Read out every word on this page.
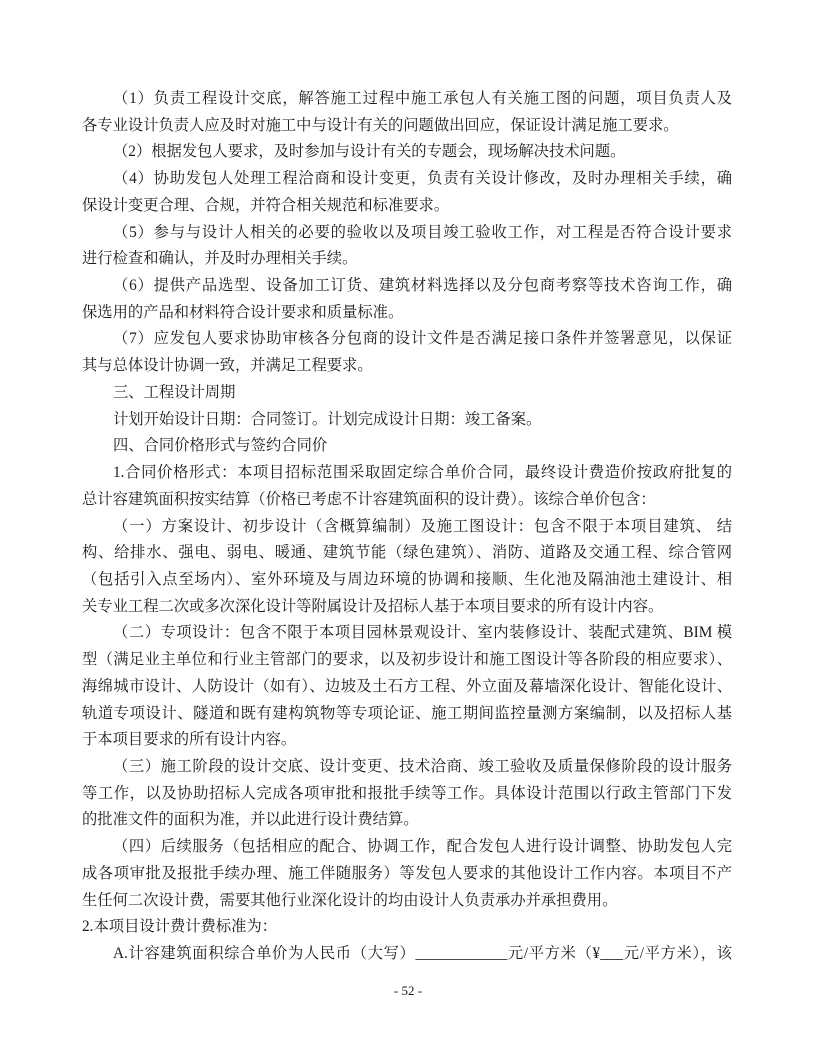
（1）负责工程设计交底，解答施工过程中施工承包人有关施工图的问题，项目负责人及
各专业设计负责人应及时对施工中与设计有关的问题做出回应，保证设计满足施工要求。
（2）根据发包人要求，及时参加与设计有关的专题会，现场解决技术问题。
（4）协助发包人处理工程洽商和设计变更，负责有关设计修改，及时办理相关手续，确
保设计变更合理、合规，并符合相关规范和标准要求。
（5）参与与设计人相关的必要的验收以及项目竣工验收工作，对工程是否符合设计要求
进行检查和确认，并及时办理相关手续。
（6）提供产品选型、设备加工订货、建筑材料选择以及分包商考察等技术咨询工作，确
保选用的产品和材料符合设计要求和质量标准。
（7）应发包人要求协助审核各分包商的设计文件是否满足接口条件并签署意见，以保证
其与总体设计协调一致，并满足工程要求。
三、工程设计周期
计划开始设计日期：合同签订。计划完成设计日期：竣工备案。
四、合同价格形式与签约合同价
1.合同价格形式：本项目招标范围采取固定综合单价合同，最终设计费造价按政府批复的
总计容建筑面积按实结算（价格已考虑不计容建筑面积的设计费）。该综合单价包含：
（一）方案设计、初步设计（含概算编制）及施工图设计：包含不限于本项目建筑、 结
构、给排水、强电、弱电、暖通、建筑节能（绿色建筑）、消防、道路及交通工程、综合管网
（包括引入点至场内）、室外环境及与周边环境的协调和接顺、生化池及隔油池土建设计、相
关专业工程二次或多次深化设计等附属设计及招标人基于本项目要求的所有设计内容。
（二）专项设计：包含不限于本项目园林景观设计、室内装修设计、装配式建筑、BIM 模
型（满足业主单位和行业主管部门的要求，以及初步设计和施工图设计等各阶段的相应要求）、
海绵城市设计、人防设计（如有）、边坡及土石方工程、外立面及幕墙深化设计、智能化设计、
轨道专项设计、隧道和既有建构筑物等专项论证、施工期间监控量测方案编制，以及招标人基
于本项目要求的所有设计内容。
（三）施工阶段的设计交底、设计变更、技术洽商、竣工验收及质量保修阶段的设计服务
等工作，以及协助招标人完成各项审批和报批手续等工作。具体设计范围以行政主管部门下发
的批准文件的面积为准，并以此进行设计费结算。
（四）后续服务（包括相应的配合、协调工作，配合发包人进行设计调整、协助发包人完
成各项审批及报批手续办理、施工伴随服务）等发包人要求的其他设计工作内容。本项目不产
生任何二次设计费，需要其他行业深化设计的均由设计人负责承办并承担费用。
2.本项目设计费计费标准为：
A.计容建筑面积综合单价为人民币（大写）____________元/平方米（¥___元/平方米），该
- 52 -
